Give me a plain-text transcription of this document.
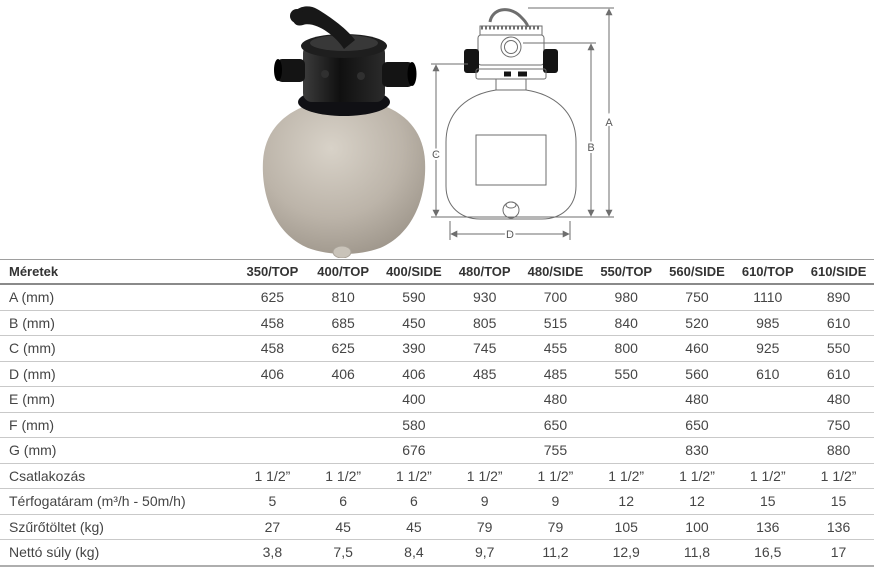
A
B
C
D
Méretek	350/TOP	400/TOP	400/SIDE	480/TOP	480/SIDE	550/TOP	560/SIDE	610/TOP	610/SIDE
A (mm)	625	810	590	930	700	980	750	1110	890
B (mm)	458	685	450	805	515	840	520	985	610
C (mm)	458	625	390	745	455	800	460	925	550
D (mm)	406	406	406	485	485	550	560	610	610
E (mm)			400		480		480		480
F (mm)			580		650		650		750
G (mm)			676		755		830		880
Csatlakozás	1 1/2”	1 1/2”	1 1/2”	1 1/2”	1 1/2”	1 1/2”	1 1/2”	1 1/2”	1 1/2”
Térfogatáram (m³/h - 50m/h)	5	6	6	9	9	12	12	15	15
Szűrőtöltet (kg)	27	45	45	79	79	105	100	136	136
Nettó súly (kg)	3,8	7,5	8,4	9,7	11,2	12,9	11,8	16,5	17
